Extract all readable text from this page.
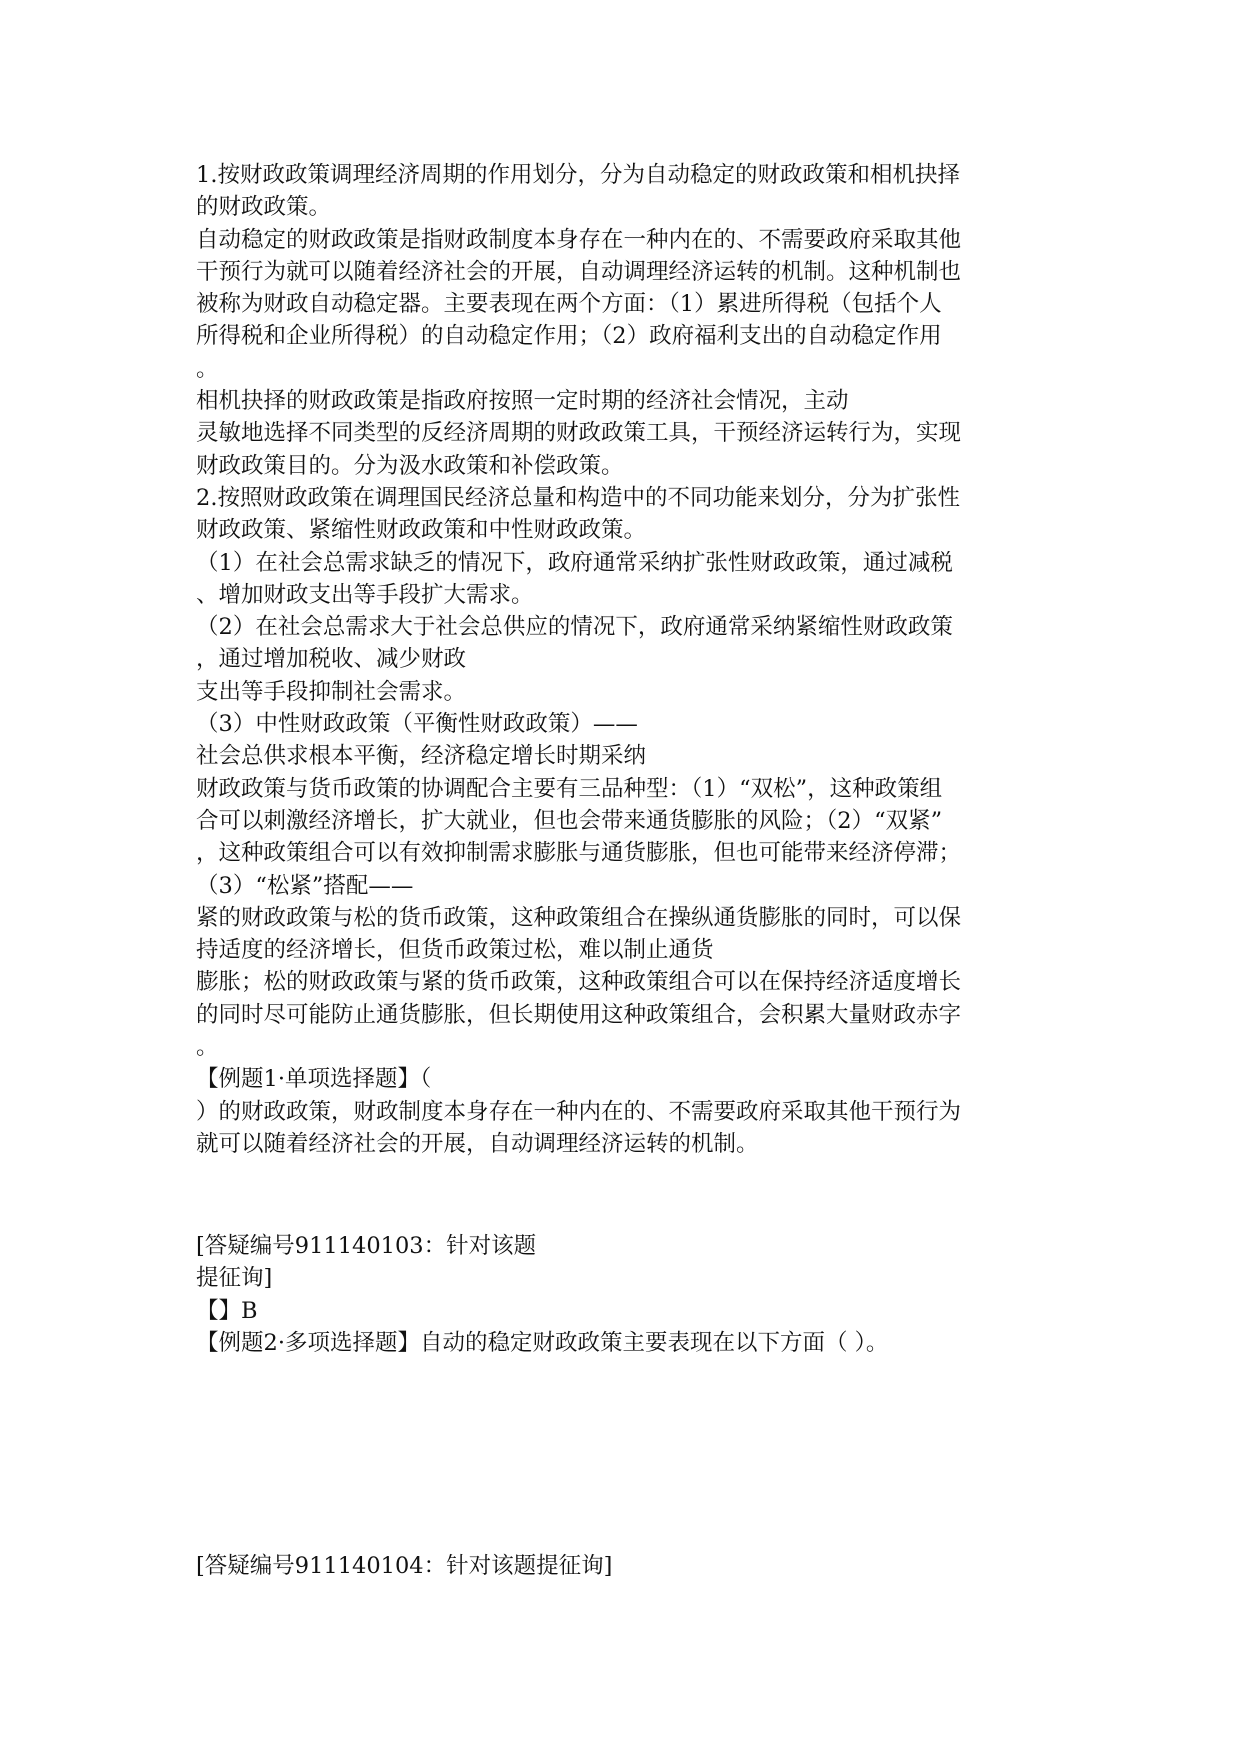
1.按财政政策调理经济周期的作用划分，分为自动稳定的财政政策和相机抉择
的财政政策。
自动稳定的财政政策是指财政制度本身存在一种内在的、不需要政府采取其他
干预行为就可以随着经济社会的开展，自动调理经济运转的机制。这种机制也
被称为财政自动稳定器。主要表现在两个方面：（1）累进所得税（包括个人
所得税和企业所得税）的自动稳定作用；（2）政府福利支出的自动稳定作用
。
相机抉择的财政政策是指政府按照一定时期的经济社会情况，主动
灵敏地选择不同类型的反经济周期的财政政策工具，干预经济运转行为，实现
财政政策目的。分为汲水政策和补偿政策。
2.按照财政政策在调理国民经济总量和构造中的不同功能来划分，分为扩张性
财政政策、紧缩性财政政策和中性财政政策。
（1）在社会总需求缺乏的情况下，政府通常采纳扩张性财政政策，通过减税
、增加财政支出等手段扩大需求。
（2）在社会总需求大于社会总供应的情况下，政府通常采纳紧缩性财政政策
，通过增加税收、减少财政
支出等手段抑制社会需求。
（3）中性财政政策（平衡性财政政策）——
社会总供求根本平衡，经济稳定增长时期采纳
财政政策与货币政策的协调配合主要有三品种型：（1）“双松”，这种政策组
合可以刺激经济增长，扩大就业，但也会带来通货膨胀的风险；（2）“双紧”
，这种政策组合可以有效抑制需求膨胀与通货膨胀，但也可能带来经济停滞；
（3）“松紧”搭配——
紧的财政政策与松的货币政策，这种政策组合在操纵通货膨胀的同时，可以保
持适度的经济增长，但货币政策过松，难以制止通货
膨胀；松的财政政策与紧的货币政策，这种政策组合可以在保持经济适度增长
的同时尽可能防止通货膨胀，但长期使用这种政策组合，会积累大量财政赤字
。
【例题1·单项选择题】（
）的财政政策，财政制度本身存在一种内在的、不需要政府采取其他干预行为
就可以随着经济社会的开展，自动调理经济运转的机制。
[答疑编号911140103：针对该题
提征询]
【】B
【例题2·多项选择题】自动的稳定财政政策主要表现在以下方面（ ）。
[答疑编号911140104：针对该题提征询]
